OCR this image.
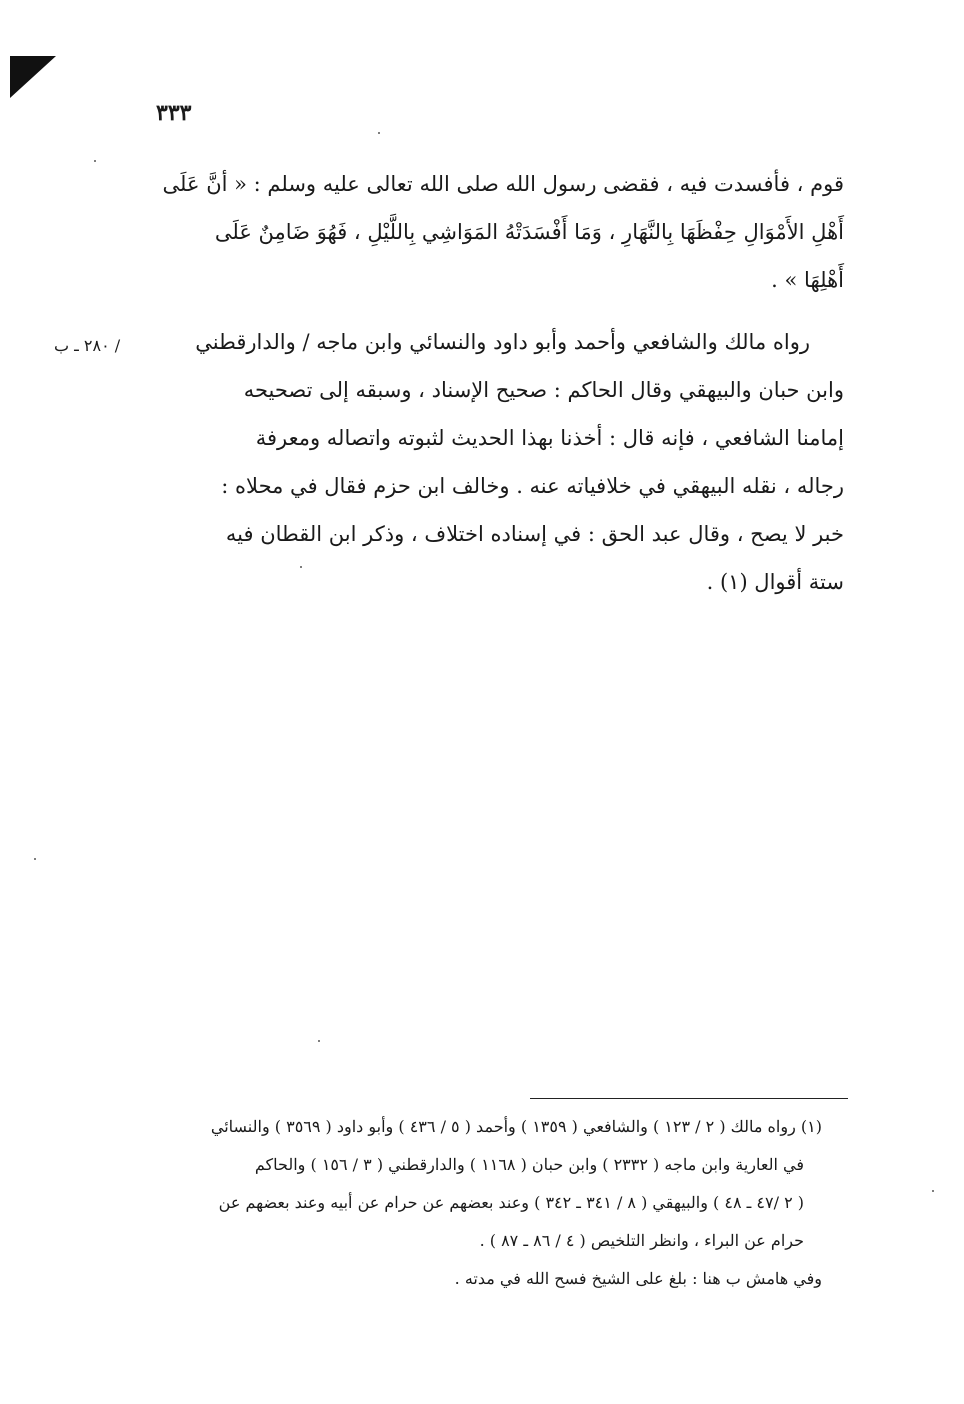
٣٣٣
قوم ، فأفسدت فيه ، فقضى رسول الله صلى الله تعالى عليه وسلم : « أنَّ عَلَى
أَهْلِ الأَمْوَالِ حِفْظَهَا بِالنَّهَارِ ، وَمَا أَفْسَدَتْهُ المَوَاشِي بِاللَّيْلِ ، فَهُوَ ضَامِنٌ عَلَى
أَهْلِهَا » .
/ ٢٨٠ ـ ب	رواه مالك والشافعي وأحمد وأبو داود والنسائي وابن ماجه / والدارقطني
وابن حبان والبيهقي وقال الحاكم : صحيح الإسناد ، وسبقه إلى تصحيحه
إمامنا الشافعي ، فإنه قال : أخذنا بهذا الحديث لثبوته واتصاله ومعرفة
رجاله ، نقله البيهقي في خلافياته عنه . وخالف ابن حزم فقال في محلاه :
خبر لا يصح ، وقال عبد الحق : في إسناده اختلاف ، وذكر ابن القطان فيه
ستة أقوال (١) .
(١) رواه مالك ( ٢ / ١٢٣ ) والشافعي ( ١٣٥٩ ) وأحمد ( ٥ / ٤٣٦ ) وأبو داود ( ٣٥٦٩ ) والنسائي
في العارية وابن ماجه ( ٢٣٣٢ ) وابن حبان ( ١١٦٨ ) والدارقطني ( ٣ / ١٥٦ ) والحاكم
( ٢ /٤٧ ـ ٤٨ ) والبيهقي ( ٨ / ٣٤١ ـ ٣٤٢ ) وعند بعضهم عن حرام عن أبيه وعند بعضهم عن
حرام عن البراء ، وانظر التلخيص ( ٤ / ٨٦ ـ ٨٧ ) .
وفي هامش ب هنا : بلغ على الشيخ فسح الله في مدته .
